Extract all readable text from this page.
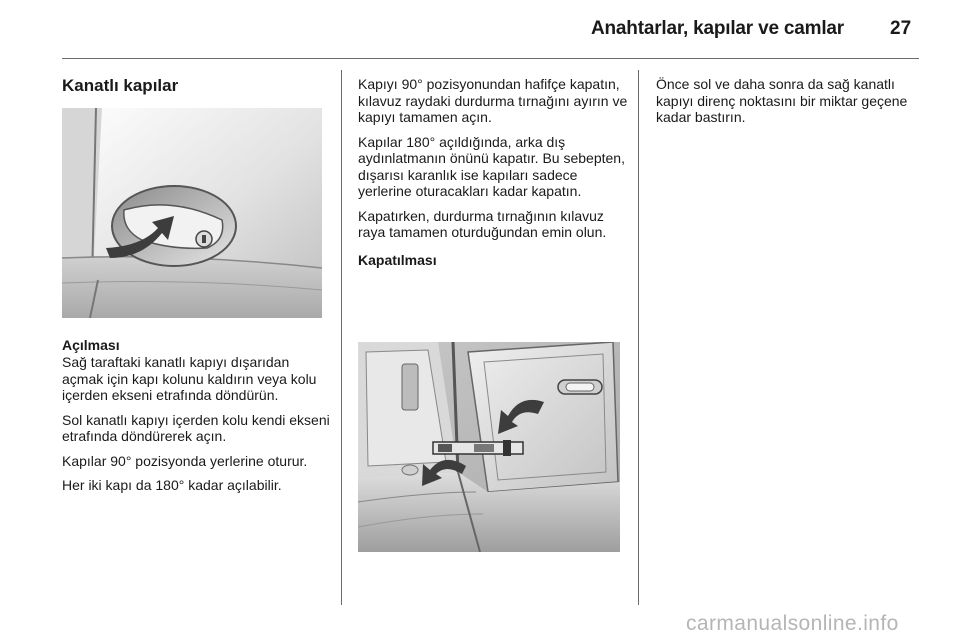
Anahtarlar, kapılar ve camlar 27
Kanatlı kapılar
Açılması

Sağ taraftaki kanatlı kapıyı dışarıdan açmak için kapı kolunu kaldırın veya kolu içerden ekseni etrafında döndürün.

Sol kanatlı kapıyı içerden kolu kendi ekseni etrafında döndürerek açın.

Kapılar 90° pozisyonda yerlerine oturur.

Her iki kapı da 180° kadar açılabilir.

Kapıyı 90° pozisyonundan hafifçe kapatın, kılavuz raydaki durdurma tırnağını ayırın ve kapıyı tamamen açın.

Kapılar 180° açıldığında, arka dış aydınlatmanın önünü kapatır. Bu sebepten, dışarısı karanlık ise kapıları sadece yerlerine oturacakları kadar kapatın.

Kapatırken, durdurma tırnağının kılavuz raya tamamen oturduğundan emin olun.

Kapatılması

Önce sol ve daha sonra da sağ kanatlı kapıyı direnç noktasını bir miktar geçene kadar bastırın.

carmanualsonline.info
